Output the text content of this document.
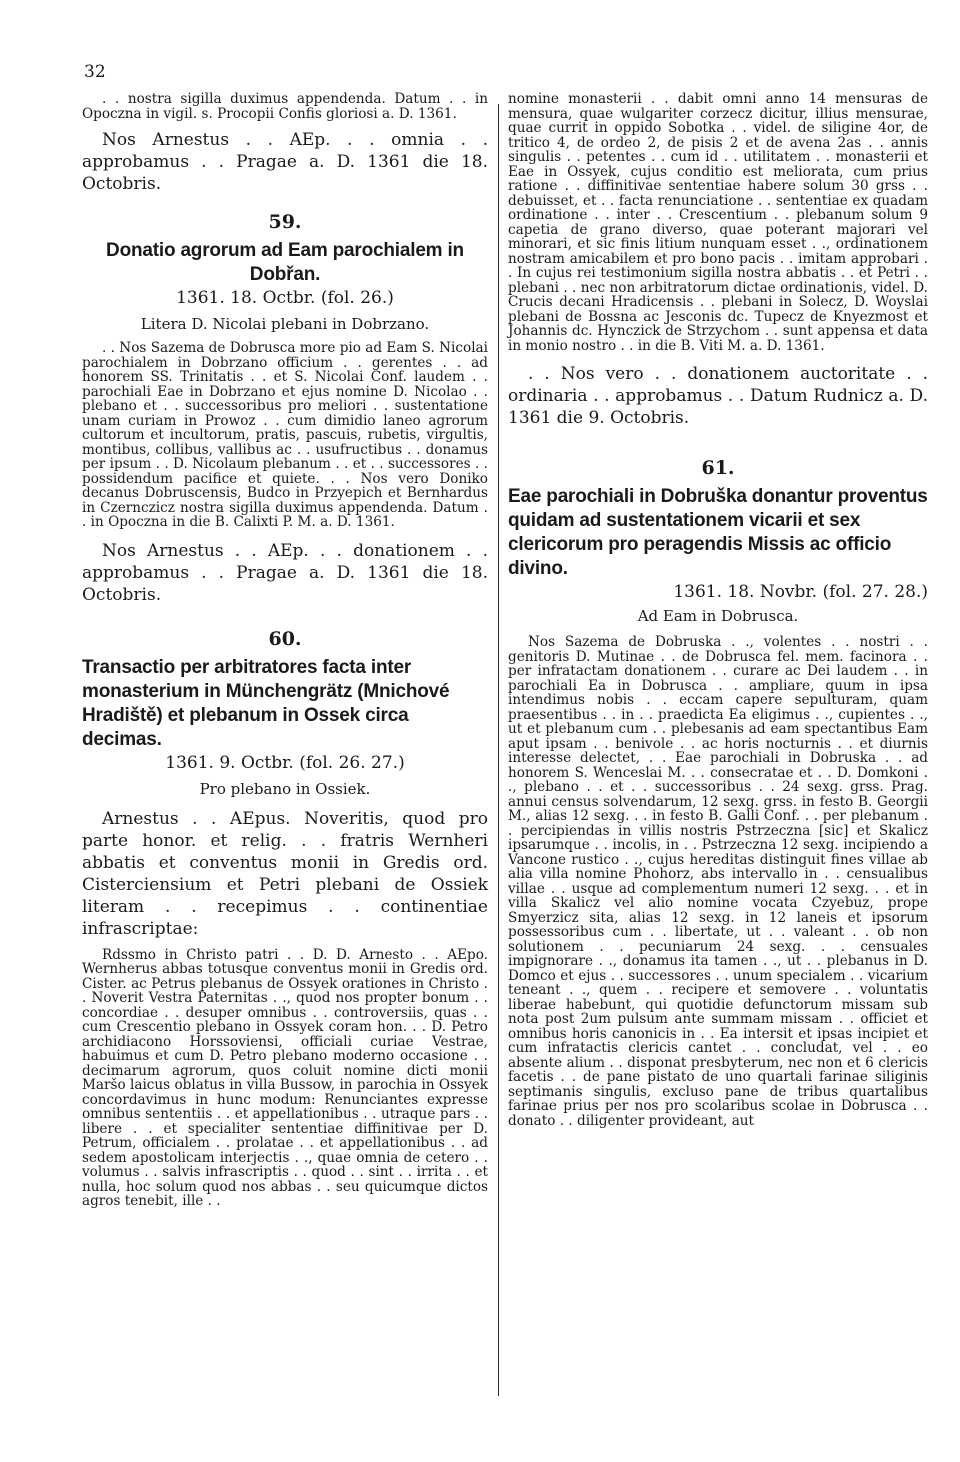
32

. . nostra sigilla duximus appendenda. Datum . . in Opoczna in vigil. s. Procopii Confis gloriosi a. D. 1361.

Nos Arnestus . . AEp. . . omnia . . approbamus . . Pragae a. D. 1361 die 18. Octobris.

59.

Donatio agrorum ad Eam parochialem in Dobřan.

1361. 18. Octbr. (fol. 26.)

Litera D. Nicolai plebani in Dobrzano.

. . Nos Sazema de Dobrusca more pio ad Eam S. Nicolai parochialem in Dobrzano officium . . gerentes . . ad honorem SS. Trinitatis . . et S. Nicolai Conf. laudem . . parochiali Eae in Dobrzano et ejus nomine D. Nicolao . . plebano et . . successoribus pro meliori . . sustentatione unam curiam in Prowoz . . cum dimidio laneo agrorum cultorum et incultorum, pratis, pascuis, rubetis, virgultis, montibus, collibus, vallibus ac . . usufructibus . . donamus per ipsum . . D. Nicolaum plebanum . . et . . successores . . possidendum pacifice et quiete. . . Nos vero Doniko decanus Dobruscensis, Budco in Przyepich et Bernhardus in Czernczicz nostra sigilla duximus appendenda. Datum . . in Opoczna in die B. Calixti P. M. a. D. 1361.

Nos Arnestus . . AEp. . . donationem . . approbamus . . Pragae a. D. 1361 die 18. Octobris.

60.

Transactio per arbitratores facta inter monasterium in Münchengrätz (Mnichové Hradiště) et plebanum in Ossek circa decimas.

1361. 9. Octbr. (fol. 26. 27.)

Pro plebano in Ossiek.

Arnestus . . AEpus. Noveritis, quod pro parte honor. et relig. . . fratris Wernheri abbatis et conventus monii in Gredis ord. Cisterciensium et Petri plebani de Ossiek literam . . recepimus . . continentiae infrascriptae:

Rdssmo in Christo patri . . D. D. Arnesto . . AEpo. Wernherus abbas totusque conventus monii in Gredis ord. Cister. ac Petrus plebanus de Ossyek orationes in Christo . . Noverit Vestra Paternitas . ., quod nos propter bonum . . concordiae . . desuper omnibus . . controversiis, quas . . cum Crescentio plebano in Ossyek coram hon. . . D. Petro archidiacono Horssoviensi, officiali curiae Vestrae, habuimus et cum D. Petro plebano moderno occasione . . decimarum agrorum, quos coluit nomine dicti monii Maršo laicus oblatus in villa Bussow, in parochia in Ossyek concordavimus in hunc modum: Renunciantes expresse omnibus sententiis . . et appellationibus . . utraque pars . . libere . . et specialiter sententiae diffinitivae per D. Petrum, officialem . . prolatae . . et appellationibus . . ad sedem apostolicam interjectis . ., quae omnia de cetero . . volumus . . salvis infrascriptis . . quod . . sint . . irrita . . et nulla, hoc solum quod nos abbas . . seu quicumque dictos agros tenebit, ille . .

nomine monasterii . . dabit omni anno 14 mensuras de mensura, quae wulgariter corzecz dicitur, illius mensurae, quae currit in oppido Sobotka . . videl. de siligine 4or, de tritico 4, de ordeo 2, de pisis 2 et de avena 2as . . annis singulis . . petentes . . cum id . . utilitatem . . monasterii et Eae in Ossyek, cujus conditio est meliorata, cum prius ratione . . diffinitivae sententiae habere solum 30 grss . . debuisset, et . . facta renunciatione . . sententiae ex quadam ordinatione . . inter . . Crescentium . . plebanum solum 9 capetia de grano diverso, quae poterant majorari vel minorari, et sic finis litium nunquam esset . ., ordinationem nostram amicabilem et pro bono pacis . . imitam approbari . . In cujus rei testimonium sigilla nostra abbatis . . et Petri . . plebani . . nec non arbitratorum dictae ordinationis, videl. D. Crucis decani Hradicensis . . plebani in Solecz, D. Woyslai plebani de Bossna ac Jesconis dc. Tupecz de Knyezmost et Johannis dc. Hynczick de Strzychom . . sunt appensa et data in monio nostro . . in die B. Viti M. a. D. 1361.

. . Nos vero . . donationem auctoritate . . ordinaria . . approbamus . . Datum Rudnicz a. D. 1361 die 9. Octobris.

61.

Eae parochiali in Dobruška donantur proventus quidam ad sustentationem vicarii et sex clericorum pro peragendis Missis ac officio divino.

1361. 18. Novbr. (fol. 27. 28.)

Ad Eam in Dobrusca.

Nos Sazema de Dobruska . ., volentes . . nostri . . genitoris D. Mutinae . . de Dobrusca fel. mem. facinora . . per infratactam donationem . . curare ac Dei laudem . . in parochiali Ea in Dobrusca . . ampliare, quum in ipsa intendimus nobis . . eccam capere sepulturam, quam praesentibus . . in . . praedicta Ea eligimus . ., cupientes . ., ut et plebanum cum . . plebesanis ad eam spectantibus Eam aput ipsam . . benivole . . ac horis nocturnis . . et diurnis interesse delectet, . . Eae parochiali in Dobruska . . ad honorem S. Wenceslai M. . . consecratae et . . D. Domkoni . ., plebano . . et . . successoribus . . 24 sexg. grss. Prag. annui census solvendarum, 12 sexg. grss. in festo B. Georgii M., alias 12 sexg. . . in festo B. Galli Conf. . . per plebanum . . percipiendas in villis nostris Pstrzeczna [sic] et Skalicz ipsarumque . . incolis, in . . Pstrzeczna 12 sexg. incipiendo a Vancone rustico . ., cujus hereditas distinguit fines villae ab alia villa nomine Phohorz, abs intervallo in . . censualibus villae . . usque ad complementum numeri 12 sexg. . . et in villa Skalicz vel alio nomine vocata Czyebuz, prope Smyerzicz sita, alias 12 sexg. in 12 laneis et ipsorum possessoribus cum . . libertate, ut . . valeant . . ob non solutionem . . pecuniarum 24 sexg. . . censuales impignorare . ., donamus ita tamen . ., ut . . plebanus in D. Domco et ejus . . successores . . unum specialem . . vicarium teneant . ., quem . . recipere et semovere . . voluntatis liberae habebunt, qui quotidie defunctorum missam sub nota post 2um pulsum ante summam missam . . officiet et omnibus horis canonicis in . . Ea intersit et ipsas incipiet et cum infratactis clericis cantet . . concludat, vel . . eo absente alium . . disponat presbyterum, nec non et 6 clericis facetis . . de pane pistato de uno quartali farinae siliginis septimanis singulis, excluso pane de tribus quartalibus farinae prius per nos pro scolaribus scolae in Dobrusca . . donato . . diligenter provideant, aut
